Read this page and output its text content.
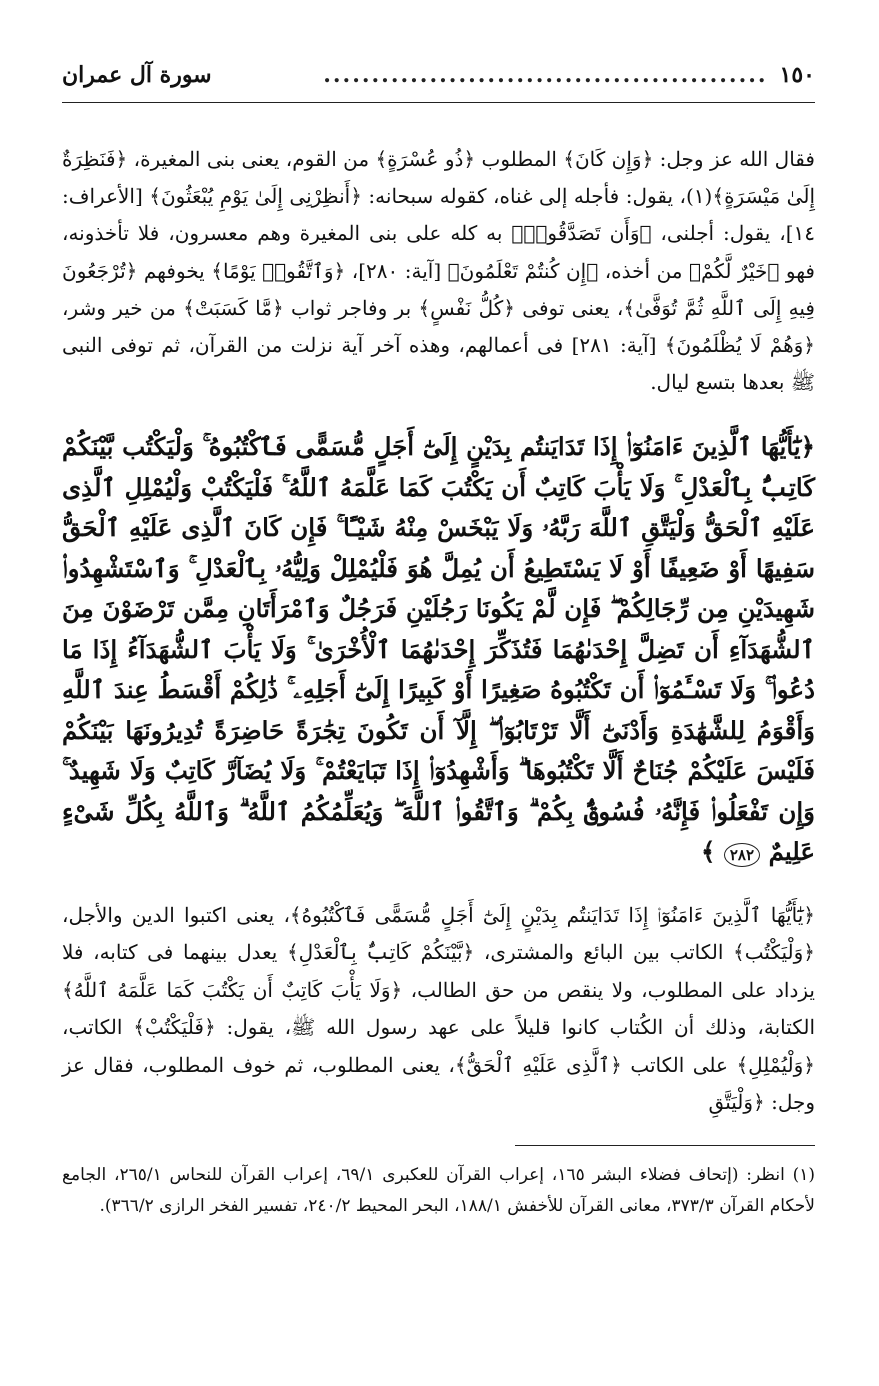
١٥٠
..............................................
سورة آل عمران

فقال الله عز وجل: ﴿وَإِن كَانَ﴾ المطلوب ﴿ذُو عُسْرَةٍ﴾ من القوم، يعنى بنى المغيرة، ﴿فَنَظِرَةٌ إِلَىٰ مَيْسَرَةٍ﴾(١)، يقول: فأجله إلى غناه، كقوله سبحانه: ﴿أَنظِرْنِى إِلَىٰ يَوْمِ يُبْعَثُونَ﴾ [الأعراف: ١٤]، يقول: أجلنى، ﴿وَأَن تَصَدَّقُوا۟﴾ به كله على بنى المغيرة وهم معسرون، فلا تأخذونه، فهو ﴿خَيْرٌ لَّكُمْ﴾ من أخذه، ﴿إِن كُنتُمْ تَعْلَمُونَ﴾ [آية: ٢٨٠]، ﴿وَٱتَّقُوا۟ يَوْمًا﴾ يخوفهم ﴿تُرْجَعُونَ فِيهِ إِلَى ٱللَّهِ ثُمَّ تُوَفَّىٰ﴾، يعنى توفى ﴿كُلُّ نَفْسٍ﴾ بر وفاجر ثواب ﴿مَّا كَسَبَتْ﴾ من خير وشر، ﴿وَهُمْ لَا يُظْلَمُونَ﴾ [آية: ٢٨١] فى أعمالهم، وهذه آخر آية نزلت من القرآن، ثم توفى النبى ﷺ بعدها بتسع ليال.

﴿يَٰٓأَيُّهَا ٱلَّذِينَ ءَامَنُوٓا۟ إِذَا تَدَايَنتُم بِدَيْنٍ إِلَىٰٓ أَجَلٍ مُّسَمًّى فَٱكْتُبُوهُ ۚ وَلْيَكْتُب بَّيْنَكُمْ كَاتِبٌۢ بِٱلْعَدْلِ ۚ وَلَا يَأْبَ كَاتِبٌ أَن يَكْتُبَ كَمَا عَلَّمَهُ ٱللَّهُ ۚ فَلْيَكْتُبْ وَلْيُمْلِلِ ٱلَّذِى عَلَيْهِ ٱلْحَقُّ وَلْيَتَّقِ ٱللَّهَ رَبَّهُۥ وَلَا يَبْخَسْ مِنْهُ شَيْـًٔا ۚ فَإِن كَانَ ٱلَّذِى عَلَيْهِ ٱلْحَقُّ سَفِيهًا أَوْ ضَعِيفًا أَوْ لَا يَسْتَطِيعُ أَن يُمِلَّ هُوَ فَلْيُمْلِلْ وَلِيُّهُۥ بِٱلْعَدْلِ ۚ وَٱسْتَشْهِدُوا۟ شَهِيدَيْنِ مِن رِّجَالِكُمْ ۖ فَإِن لَّمْ يَكُونَا رَجُلَيْنِ فَرَجُلٌ وَٱمْرَأَتَانِ مِمَّن تَرْضَوْنَ مِنَ ٱلشُّهَدَآءِ أَن تَضِلَّ إِحْدَىٰهُمَا فَتُذَكِّرَ إِحْدَىٰهُمَا ٱلْأُخْرَىٰ ۚ وَلَا يَأْبَ ٱلشُّهَدَآءُ إِذَا مَا دُعُوا۟ ۚ وَلَا تَسْـَٔمُوٓا۟ أَن تَكْتُبُوهُ صَغِيرًا أَوْ كَبِيرًا إِلَىٰٓ أَجَلِهِۦ ۚ ذَٰلِكُمْ أَقْسَطُ عِندَ ٱللَّهِ وَأَقْوَمُ لِلشَّهَٰدَةِ وَأَدْنَىٰٓ أَلَّا تَرْتَابُوٓا۟ ۖ إِلَّآ أَن تَكُونَ تِجَٰرَةً حَاضِرَةً تُدِيرُونَهَا بَيْنَكُمْ فَلَيْسَ عَلَيْكُمْ جُنَاحٌ أَلَّا تَكْتُبُوهَا ۗ وَأَشْهِدُوٓا۟ إِذَا تَبَايَعْتُمْ ۚ وَلَا يُضَآرَّ كَاتِبٌ وَلَا شَهِيدٌ ۚ وَإِن تَفْعَلُوا۟ فَإِنَّهُۥ فُسُوقٌۢ بِكُمْ ۗ وَٱتَّقُوا۟ ٱللَّهَ ۖ وَيُعَلِّمُكُمُ ٱللَّهُ ۗ وَٱللَّهُ بِكُلِّ شَىْءٍ عَلِيمٌ ٢٨٢ ﴾

﴿يَٰٓأَيُّهَا ٱلَّذِينَ ءَامَنُوٓا۟ إِذَا تَدَايَنتُم بِدَيْنٍ إِلَىٰٓ أَجَلٍ مُّسَمًّى فَٱكْتُبُوهُ﴾، يعنى اكتبوا الدين والأجل، ﴿وَلْيَكْتُب﴾ الكاتب بين البائع والمشترى، ﴿بَّيْنَكُمْ كَاتِبٌۢ بِٱلْعَدْلِ﴾ يعدل بينهما فى كتابه، فلا يزداد على المطلوب، ولا ينقص من حق الطالب، ﴿وَلَا يَأْبَ كَاتِبٌ أَن يَكْتُبَ كَمَا عَلَّمَهُ ٱللَّهُ﴾ الكتابة، وذلك أن الكُتاب كانوا قليلاً على عهد رسول الله ﷺ، يقول: ﴿فَلْيَكْتُبْ﴾ الكاتب، ﴿وَلْيُمْلِلِ﴾ على الكاتب ﴿ٱلَّذِى عَلَيْهِ ٱلْحَقُّ﴾، يعنى المطلوب، ثم خوف المطلوب، فقال عز وجل: ﴿وَلْيَتَّقِ

(١) انظر: (إتحاف فضلاء البشر ١٦٥، إعراب القرآن للعكبرى ٦٩/١، إعراب القرآن للنحاس ٢٦٥/١، الجامع لأحكام القرآن ٣٧٣/٣، معانى القرآن للأخفش ١٨٨/١، البحر المحيط ٢٤٠/٢، تفسير الفخر الرازى ٣٦٦/٢).
